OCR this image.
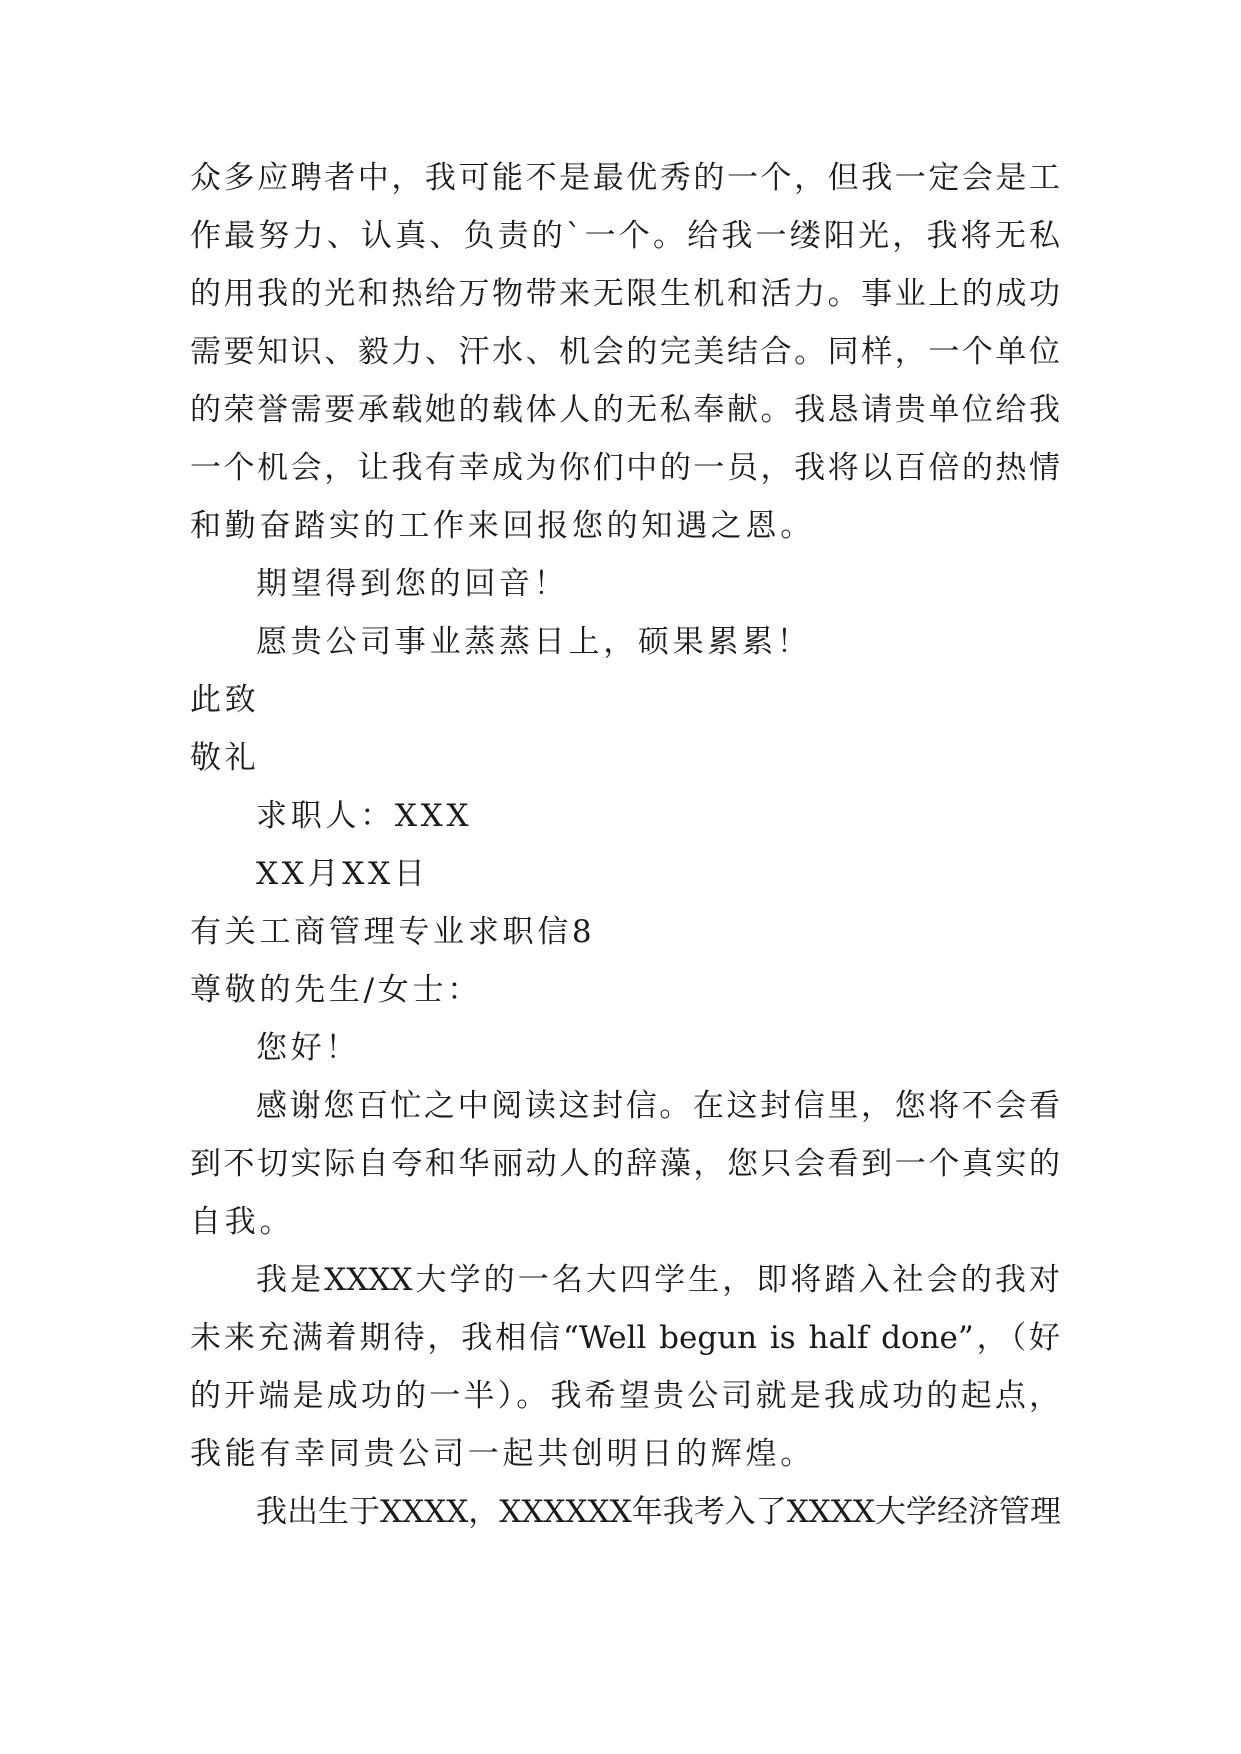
众多应聘者中，我可能不是最优秀的一个，但我一定会是工
作最努力、认真、负责的`一个。给我一缕阳光，我将无私
的用我的光和热给万物带来无限生机和活力。事业上的成功
需要知识、毅力、汗水、机会的完美结合。同样，一个单位
的荣誉需要承载她的载体人的无私奉献。我恳请贵单位给我
一个机会，让我有幸成为你们中的一员，我将以百倍的热情
和勤奋踏实的工作来回报您的知遇之恩。
期望得到您的回音！
愿贵公司事业蒸蒸日上，硕果累累！
此致
敬礼
求职人：XXX
XX月XX日
有关工商管理专业求职信8
尊敬的先生/女士：
您好！
感谢您百忙之中阅读这封信。在这封信里，您将不会看
到不切实际自夸和华丽动人的辞藻，您只会看到一个真实的
自我。
我是XXXX大学的一名大四学生，即将踏入社会的我对
未来充满着期待，我相信“Well begun is half done”，（好
的开端是成功的一半）。我希望贵公司就是我成功的起点，
我能有幸同贵公司一起共创明日的辉煌。
我出生于XXXX，XXXXXX年我考入了XXXX大学经济管理
